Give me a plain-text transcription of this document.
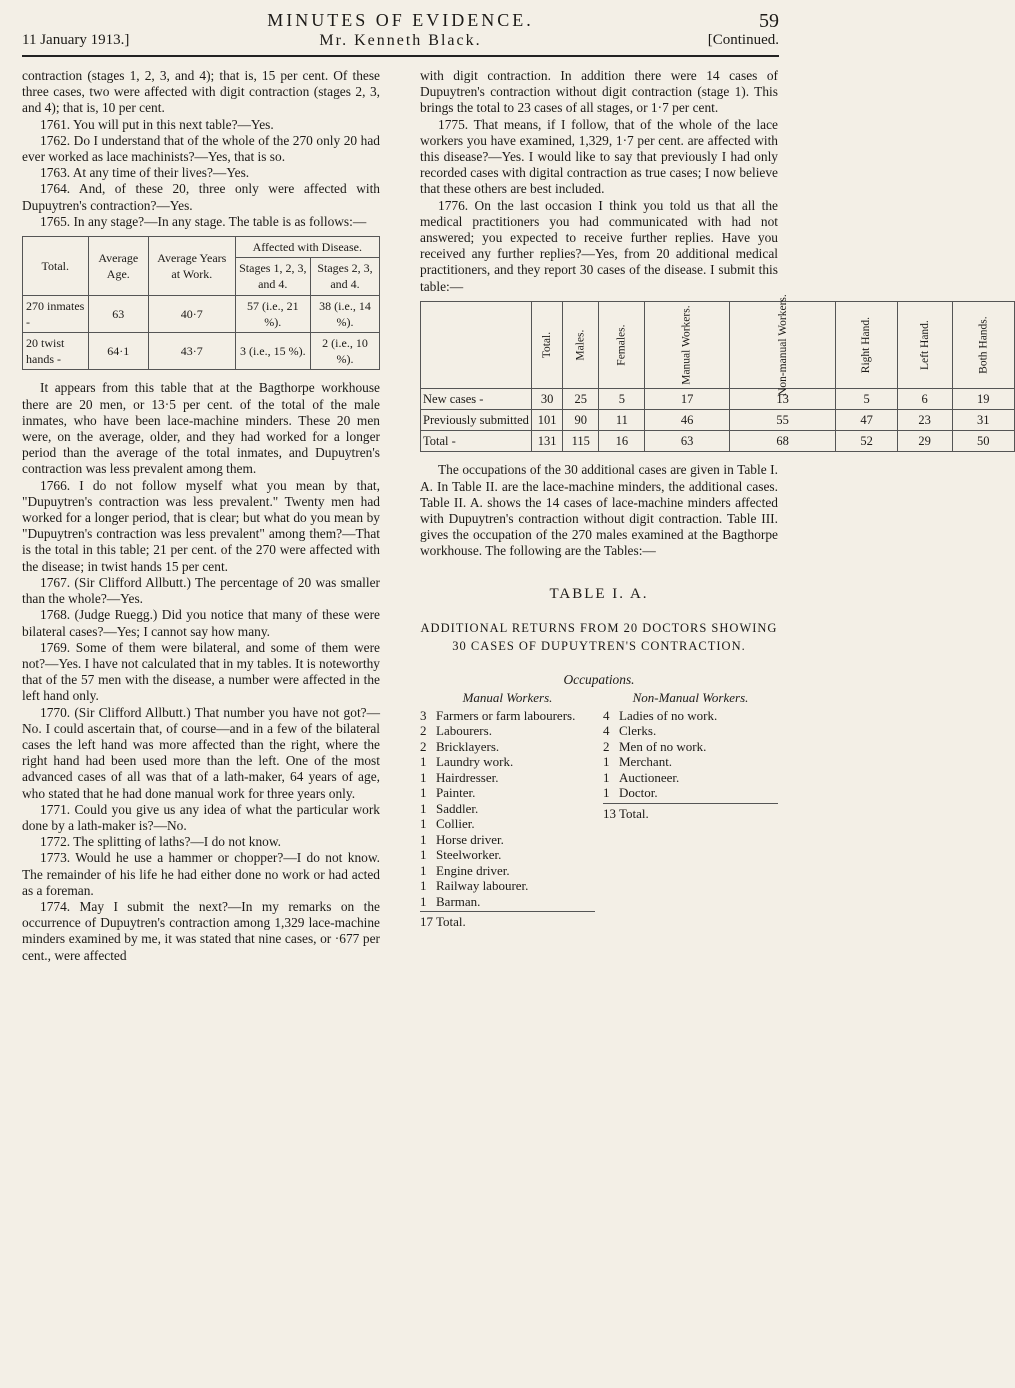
MINUTES OF EVIDENCE.	59
11 January 1913.]	Mr. Kenneth Black.	[Continued.

contraction (stages 1, 2, 3, and 4); that is, 15 per cent. Of these three cases, two were affected with digit contraction (stages 2, 3, and 4); that is, 10 per cent.

1761. You will put in this next table?—Yes.

1762. Do I understand that of the whole of the 270 only 20 had ever worked as lace machinists?—Yes, that is so.

1763. At any time of their lives?—Yes.

1764. And, of these 20, three only were affected with Dupuytren's contraction?—Yes.

1765. In any stage?—In any stage. The table is as follows:—

Total.	Average Age.	Average Years at Work.	Affected with Disease.	
			Stages 1, 2, 3, and 4.	Stages 2, 3, and 4.
270 inmates -	63	40·7	57 (i.e., 21 %).	38 (i.e., 14 %).
20 twist hands -	64·1	43·7	3 (i.e., 15 %).	2 (i.e., 10 %).

It appears from this table that at the Bagthorpe workhouse there are 20 men, or 13·5 per cent. of the total of the male inmates, who have been lace-machine minders. These 20 men were, on the average, older, and they had worked for a longer period than the average of the total inmates, and Dupuytren's contraction was less prevalent among them.

1766. I do not follow myself what you mean by that, "Dupuytren's contraction was less prevalent." Twenty men had worked for a longer period, that is clear; but what do you mean by "Dupuytren's contraction was less prevalent" among them?—That is the total in this table; 21 per cent. of the 270 were affected with the disease; in twist hands 15 per cent.

1767. (Sir Clifford Allbutt.) The percentage of 20 was smaller than the whole?—Yes.

1768. (Judge Ruegg.) Did you notice that many of these were bilateral cases?—Yes; I cannot say how many.

1769. Some of them were bilateral, and some of them were not?—Yes. I have not calculated that in my tables. It is noteworthy that of the 57 men with the disease, a number were affected in the left hand only.

1770. (Sir Clifford Allbutt.) That number you have not got?—No. I could ascertain that, of course—and in a few of the bilateral cases the left hand was more affected than the right, where the right hand had been used more than the left. One of the most advanced cases of all was that of a lath-maker, 64 years of age, who stated that he had done manual work for three years only.

1771. Could you give us any idea of what the particular work done by a lath-maker is?—No.

1772. The splitting of laths?—I do not know.

1773. Would he use a hammer or chopper?—I do not know. The remainder of his life he had either done no work or had acted as a foreman.

1774. May I submit the next?—In my remarks on the occurrence of Dupuytren's contraction among 1,329 lace-machine minders examined by me, it was stated that nine cases, or ·677 per cent., were affected

with digit contraction. In addition there were 14 cases of Dupuytren's contraction without digit contraction (stage 1). This brings the total to 23 cases of all stages, or 1·7 per cent.

1775. That means, if I follow, that of the whole of the lace workers you have examined, 1,329, 1·7 per cent. are affected with this disease?—Yes. I would like to say that previously I had only recorded cases with digital contraction as true cases; I now believe that these others are best included.

1776. On the last occasion I think you told us that all the medical practitioners you had communicated with had not answered; you expected to receive further replies. Have you received any further replies?—Yes, from 20 additional medical practitioners, and they report 30 cases of the disease. I submit this table:—

	Total.	Males.	Females.	Manual Workers.	Non-manual Workers.	Right Hand.	Left Hand.	Both Hands.
New cases -	30	25	5	17	13	5	6	19
Previously submitted	101	90	11	46	55	47	23	31
Total -	131	115	16	63	68	52	29	50

The occupations of the 30 additional cases are given in Table I. A. In Table II. are the lace-machine minders, the additional cases. Table II. A. shows the 14 cases of lace-machine minders affected with Dupuytren's contraction without digit contraction. Table III. gives the occupation of the 270 males examined at the Bagthorpe workhouse. The following are the Tables:—

TABLE I. A.
ADDITIONAL RETURNS FROM 20 DOCTORS SHOWING
30 CASES OF DUPUYTREN'S CONTRACTION.
Occupations.
Manual Workers.
3 Farmers or farm labourers.
2 Labourers.
2 Bricklayers.
1 Laundry work.
1 Hairdresser.
1 Painter.
1 Saddler.
1 Collier.
1 Horse driver.
1 Steelworker.
1 Engine driver.
1 Railway labourer.
1 Barman.
17 Total.
Non-Manual Workers.
4 Ladies of no work.
4 Clerks.
2 Men of no work.
1 Merchant.
1 Auctioneer.
1 Doctor.
13 Total.
